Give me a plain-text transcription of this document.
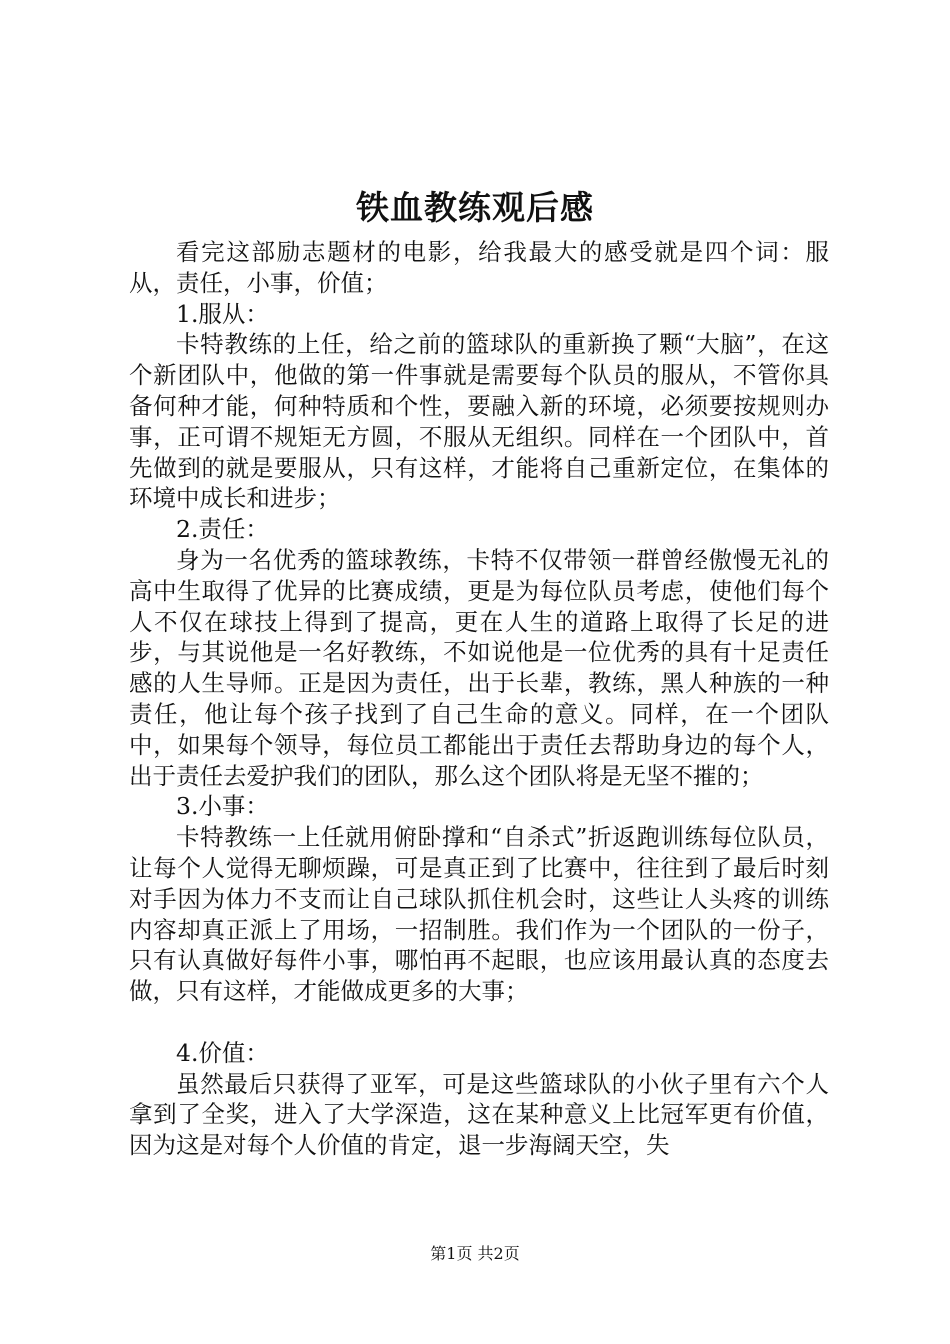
铁血教练观后感

看完这部励志题材的电影，给我最大的感受就是四个词：服从，责任，小事，价值；

1.服从：

卡特教练的上任，给之前的篮球队的重新换了颗“大脑”，在这个新团队中，他做的第一件事就是需要每个队员的服从，不管你具备何种才能，何种特质和个性，要融入新的环境，必须要按规则办事，正可谓不规矩无方圆，不服从无组织。同样在一个团队中，首先做到的就是要服从，只有这样，才能将自己重新定位，在集体的环境中成长和进步；

2.责任：

身为一名优秀的篮球教练，卡特不仅带领一群曾经傲慢无礼的高中生取得了优异的比赛成绩，更是为每位队员考虑，使他们每个人不仅在球技上得到了提高，更在人生的道路上取得了长足的进步，与其说他是一名好教练，不如说他是一位优秀的具有十足责任感的人生导师。正是因为责任，出于长辈，教练，黑人种族的一种责任，他让每个孩子找到了自己生命的意义。同样，在一个团队中，如果每个领导，每位员工都能出于责任去帮助身边的每个人，出于责任去爱护我们的团队，那么这个团队将是无坚不摧的；

3.小事：

卡特教练一上任就用俯卧撑和“自杀式”折返跑训练每位队员，让每个人觉得无聊烦躁，可是真正到了比赛中，往往到了最后时刻对手因为体力不支而让自己球队抓住机会时，这些让人头疼的训练内容却真正派上了用场，一招制胜。我们作为一个团队的一份子，只有认真做好每件小事，哪怕再不起眼，也应该用最认真的态度去做，只有这样，才能做成更多的大事；

4.价值：

虽然最后只获得了亚军，可是这些篮球队的小伙子里有六个人拿到了全奖，进入了大学深造，这在某种意义上比冠军更有价值，因为这是对每个人价值的肯定，退一步海阔天空，失

第1页 共2页
